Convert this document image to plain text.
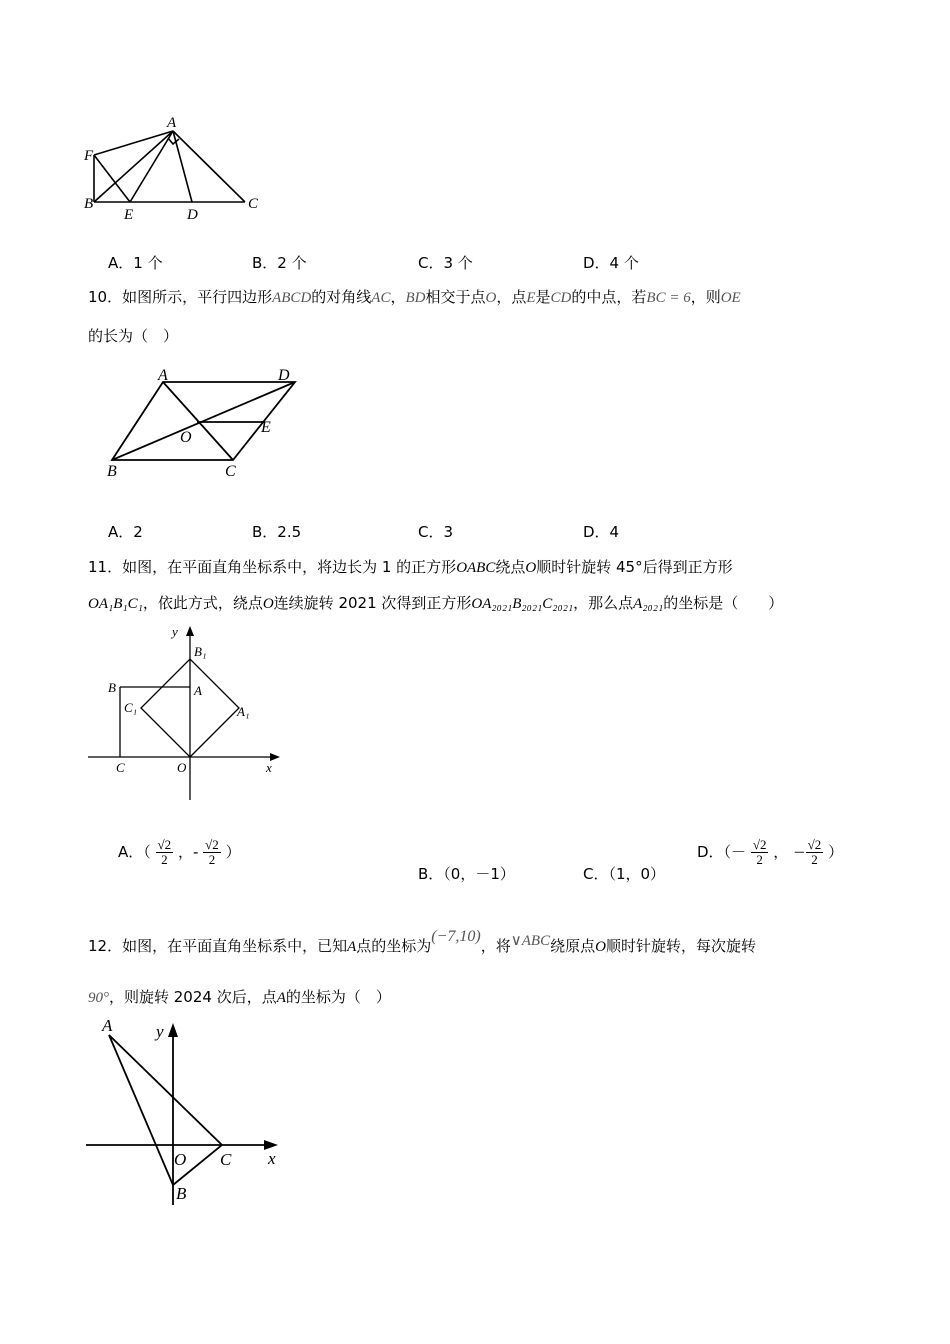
A
F
B
E	D
C
A．1 个	B．2 个	C．3 个	D．4 个
10．如图所示，平行四边形ABCD的对角线AC，BD相交于点O，点E是CD的中点，若BC = 6，则OE
的长为（　）
A	D
O
E
B	C
A．2	B．2.5	C．3	D．4
11．如图，在平面直角坐标系中，将边长为 1 的正方形OABC绕点O顺时针旋转 45°后得到正方形
OA₁B₁C₁，依此方式，绕点O连续旋转 2021 次得到正方形OA₂₀₂₁B₂₀₂₁C₂₀₂₁，那么点A₂₀₂₁的坐标是（　　）
y
B₁
B	A
C₁	A₁
C	O	x
A．（ $\frac{√2}{2}$ ，- $\frac{√2}{2}$ ）
B．（0，－1）	C．（1，0）
D．（－ $\frac{√2}{2}$ ， − $\frac{√2}{2}$ ）
12．如图，在平面直角坐标系中，已知A点的坐标为(−7,10)，将∨ABC绕原点O顺时针旋转，每次旋转
90°，则旋转 2024 次后，点A的坐标为（　）
A	y
O C x
B
